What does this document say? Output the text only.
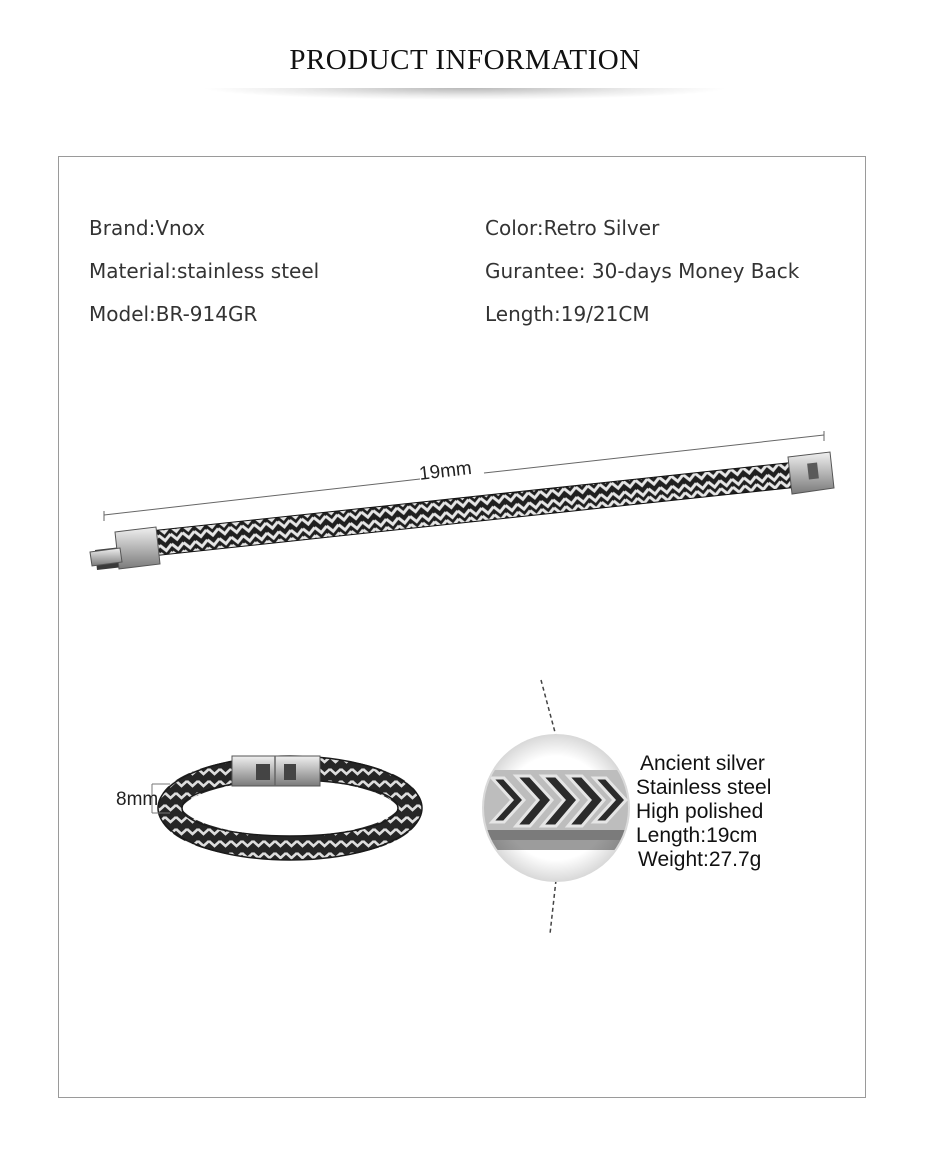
PRODUCT INFORMATION
Brand:Vnox
Material:stainless steel
Model:BR-914GR
Color:Retro Silver
Gurantee: 30-days Money Back
Length:19/21CM
19mm
8mm
Ancient silver
Stainless steel
High polished
Length:19cm
Weight:27.7g
